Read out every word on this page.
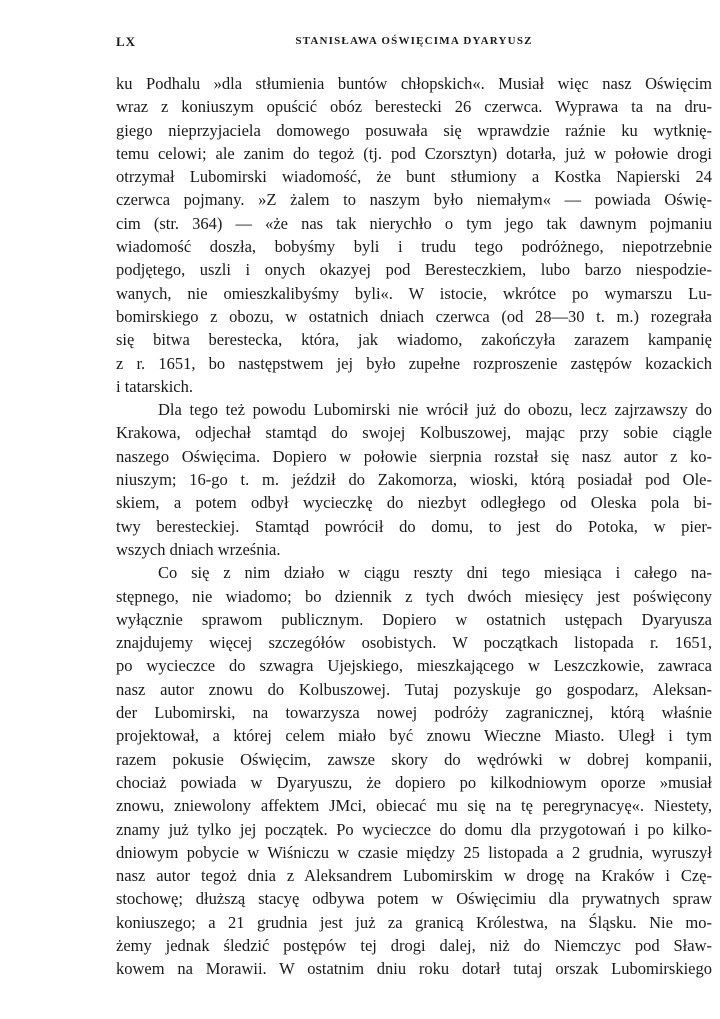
LX	STANISŁAWA OŚWIĘCIMA DYARYUSZ
ku Podhalu »dla stłumienia buntów chłopskich«. Musiał więc nasz Oświęcim
wraz z koniuszym opuścić obóz berestecki 26 czerwca. Wyprawa ta na dru-
giego nieprzyjaciela domowego posuwała się wprawdzie raźnie ku wytknię-
temu celowi; ale zanim do tegoż (tj. pod Czorsztyn) dotarła, już w połowie drogi
otrzymał Lubomirski wiadomość, że bunt stłumiony a Kostka Napierski 24
czerwca pojmany. »Z żalem to naszym było niemałym« — powiada Oświę-
cim (str. 364) — «że nas tak nierychło o tym jego tak dawnym pojmaniu
wiadomość doszła, bobyśmy byli i trudu tego podróżnego, niepotrzebnie
podjętego, uszli i onych okazyej pod Beresteczkiem, lubo barzo niespodzie-
wanych, nie omieszkalibyśmy byli«. W istocie, wkrótce po wymarszu Lu-
bomirskiego z obozu, w ostatnich dniach czerwca (od 28—30 t. m.) rozegrała
się bitwa berestecka, która, jak wiadomo, zakończyła zarazem kampanię
z r. 1651, bo następstwem jej było zupełne rozproszenie zastępów kozackich
i tatarskich.
Dla tego też powodu Lubomirski nie wrócił już do obozu, lecz zajrzawszy do
Krakowa, odjechał stamtąd do swojej Kolbuszowej, mając przy sobie ciągle
naszego Oświęcima. Dopiero w połowie sierpnia rozstał się nasz autor z ko-
niuszym; 16-go t. m. jeździł do Zakomorza, wioski, którą posiadał pod Ole-
skiem, a potem odbył wycieczkę do niezbyt odległego od Oleska pola bi-
twy beresteckiej. Stamtąd powrócił do domu, to jest do Potoka, w pier-
wszych dniach września.
Co się z nim działo w ciągu reszty dni tego miesiąca i całego na-
stępnego, nie wiadomo; bo dziennik z tych dwóch miesięcy jest poświęcony
wyłącznie sprawom publicznym. Dopiero w ostatnich ustępach Dyaryusza
znajdujemy więcej szczegółów osobistych. W początkach listopada r. 1651,
po wycieczce do szwagra Ujejskiego, mieszkającego w Leszczkowie, zawraca
nasz autor znowu do Kolbuszowej. Tutaj pozyskuje go gospodarz, Aleksan-
der Lubomirski, na towarzysza nowej podróży zagranicznej, którą właśnie
projektował, a której celem miało być znowu Wieczne Miasto. Uległ i tym
razem pokusie Oświęcim, zawsze skory do wędrówki w dobrej kompanii,
chociaż powiada w Dyaryuszu, że dopiero po kilkodniowym oporze »musiał
znowu, zniewolony affektem JMci, obiecać mu się na tę peregrynacyę«. Niestety,
znamy już tylko jej początek. Po wycieczce do domu dla przygotowań i po kilko-
dniowym pobycie w Wiśniczu w czasie między 25 listopada a 2 grudnia, wyruszył
nasz autor tegoż dnia z Aleksandrem Lubomirskim w drogę na Kraków i Czę-
stochowę; dłuższą stacyę odbywa potem w Oświęcimiu dla prywatnych spraw
koniuszego; a 21 grudnia jest już za granicą Królestwa, na Śląsku. Nie mo-
żemy jednak śledzić postępów tej drogi dalej, niż do Niemczyc pod Sław-
kowem na Morawii. W ostatnim dniu roku dotarł tutaj orszak Lubomirskiego
